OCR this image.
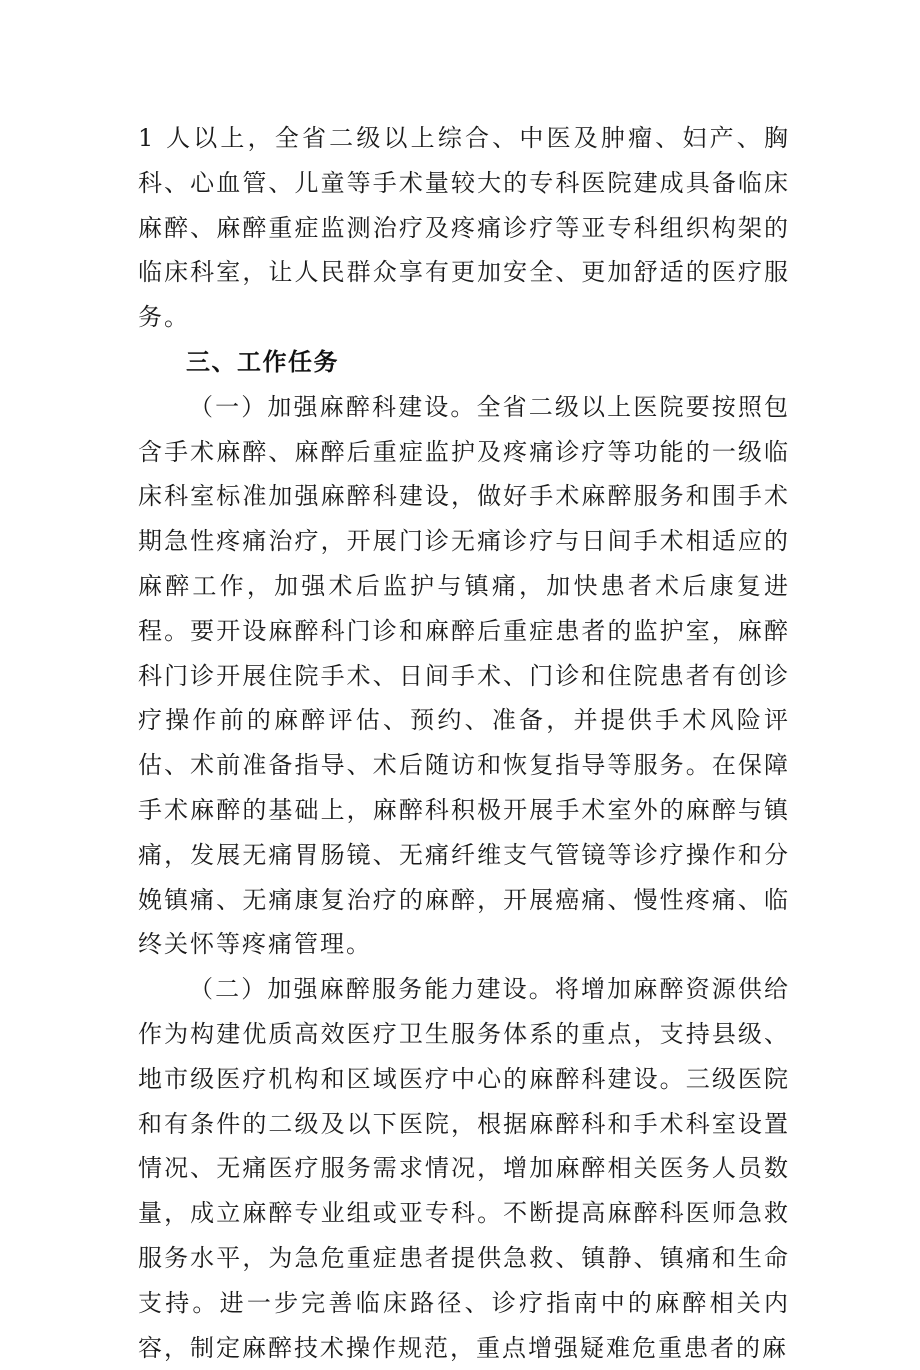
1 人以上，全省二级以上综合、中医及肿瘤、妇产、胸科、心血管、儿童等手术量较大的专科医院建成具备临床麻醉、麻醉重症监测治疗及疼痛诊疗等亚专科组织构架的临床科室，让人民群众享有更加安全、更加舒适的医疗服务。

三、工作任务

（一）加强麻醉科建设。全省二级以上医院要按照包含手术麻醉、麻醉后重症监护及疼痛诊疗等功能的一级临床科室标准加强麻醉科建设，做好手术麻醉服务和围手术期急性疼痛治疗，开展门诊无痛诊疗与日间手术相适应的麻醉工作，加强术后监护与镇痛，加快患者术后康复进程。要开设麻醉科门诊和麻醉后重症患者的监护室，麻醉科门诊开展住院手术、日间手术、门诊和住院患者有创诊疗操作前的麻醉评估、预约、准备，并提供手术风险评估、术前准备指导、术后随访和恢复指导等服务。在保障手术麻醉的基础上，麻醉科积极开展手术室外的麻醉与镇痛，发展无痛胃肠镜、无痛纤维支气管镜等诊疗操作和分娩镇痛、无痛康复治疗的麻醉，开展癌痛、慢性疼痛、临终关怀等疼痛管理。

（二）加强麻醉服务能力建设。将增加麻醉资源供给作为构建优质高效医疗卫生服务体系的重点，支持县级、地市级医疗机构和区域医疗中心的麻醉科建设。三级医院和有条件的二级及以下医院，根据麻醉科和手术科室设置情况、无痛医疗服务需求情况，增加麻醉相关医务人员数量，成立麻醉专业组或亚专科。不断提高麻醉科医师急救服务水平，为急危重症患者提供急救、镇静、镇痛和生命支持。进一步完善临床路径、诊疗指南中的麻醉相关内容，制定麻醉技术操作规范，重点增强疑难危重患者的麻
